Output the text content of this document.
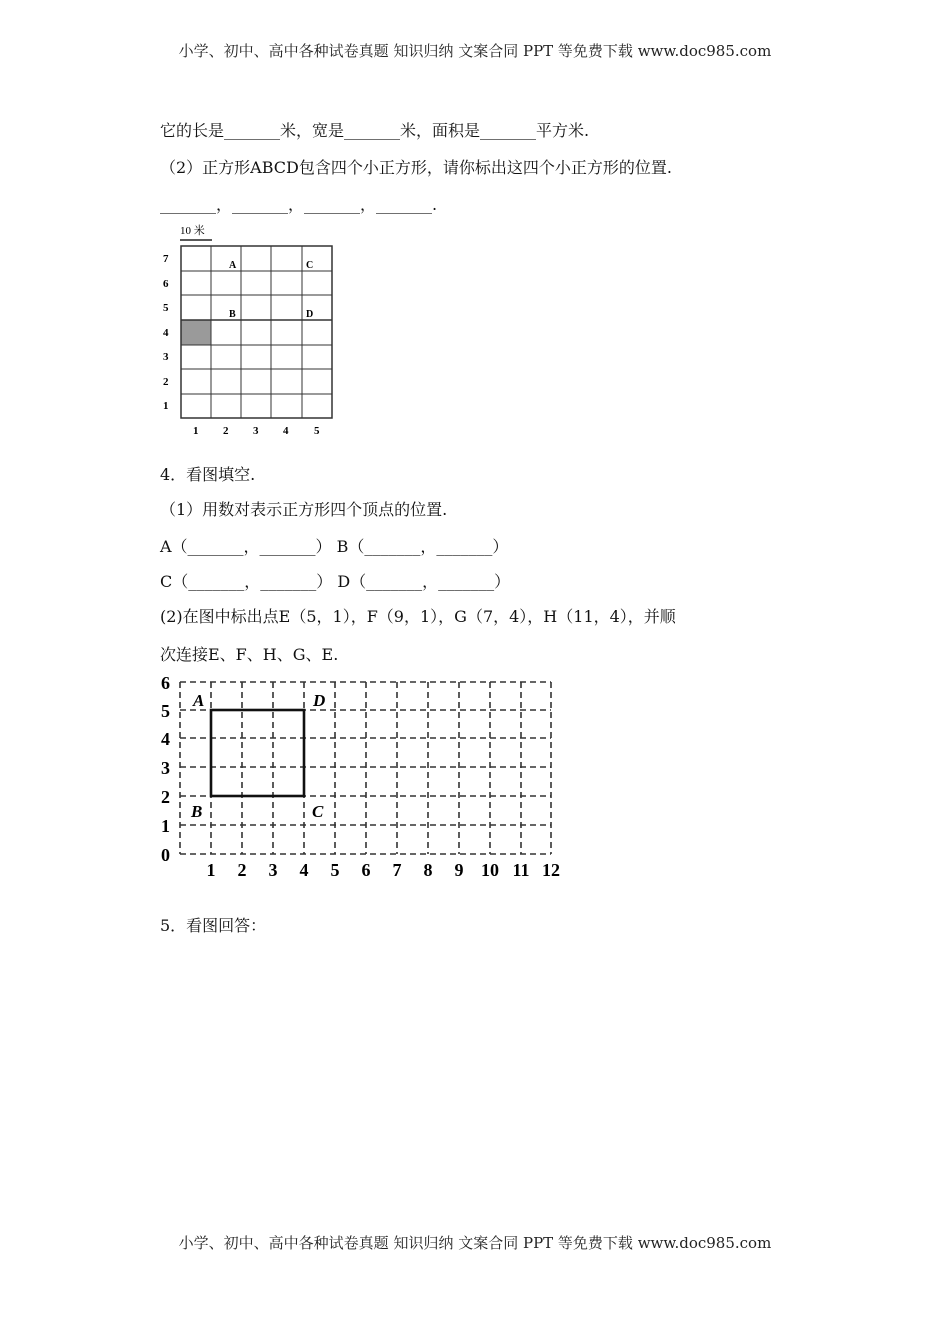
小学、初中、高中各种试卷真题 知识归纳 文案合同 PPT 等免费下载 www.doc985.com
它的长是_______米，宽是_______米，面积是_______平方米.
（2）正方形ABCD包含四个小正方形，请你标出这四个小正方形的位置.
_______，_______，_______，_______.
10 米
7
6
5
4
3
2
1
1 2 3 4 5
A	C
B	D
4．看图填空.
（1）用数对表示正方形四个顶点的位置.
A（_______，_______） B（_______，_______）
C（_______，_______） D（_______，_______）
(2)在图中标出点E（5，1），F（9，1），G（7，4），H（11，4），并顺
次连接E、F、H、G、E.
6
5
4
3
2
1
0
1 2 3 4 5 6 7 8 9 10 11 12
A	D
B	C
5．看图回答：
小学、初中、高中各种试卷真题 知识归纳 文案合同 PPT 等免费下载 www.doc985.com
